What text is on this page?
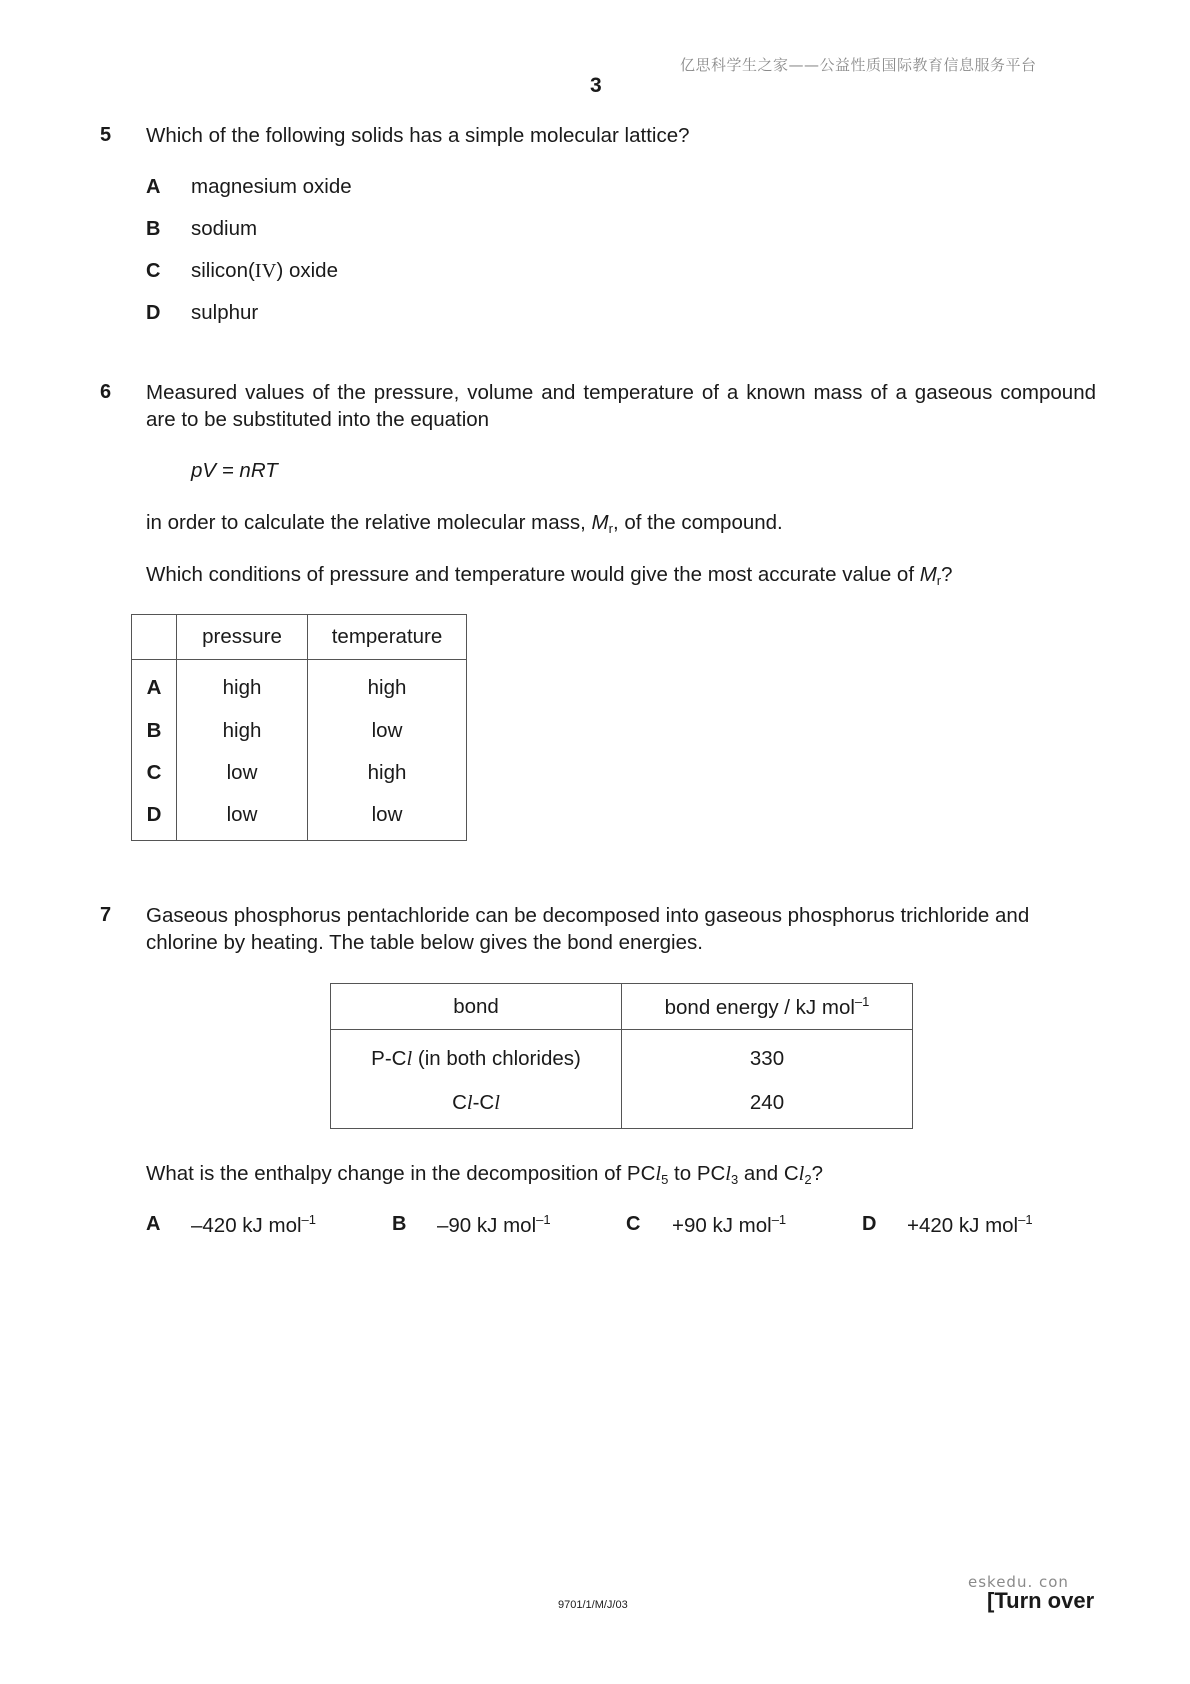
亿思科学生之家——公益性质国际教育信息服务平台
3
5 Which of the following solids has a simple molecular lattice?
A magnesium oxide
B sodium
C silicon(IV) oxide
D sulphur
6 Measured values of the pressure, volume and temperature of a known mass of a gaseous compound are to be substituted into the equation
pV = nRT
in order to calculate the relative molecular mass, $M_r$, of the compound.
Which conditions of pressure and temperature would give the most accurate value of $M_r$?
	pressure	temperature
A	high	high
B	high	low
C	low	high
D	low	low
7 Gaseous phosphorus pentachloride can be decomposed into gaseous phosphorus trichloride and chlorine by heating. The table below gives the bond energies.
bond	bond energy / kJ mol$^{-1}$
P-Cl (in both chlorides)	330
Cl-Cl	240
What is the enthalpy change in the decomposition of PCl$_5$ to PCl$_3$ and $Cl_2$?
A –420 kJ mol$^{-1}$	B –90 kJ mol$^{-1}$	C +90 kJ mol$^{-1}$	D +420 kJ mol$^{-1}$
eskedu. con
9701/1/M/J/03	[Turn over
